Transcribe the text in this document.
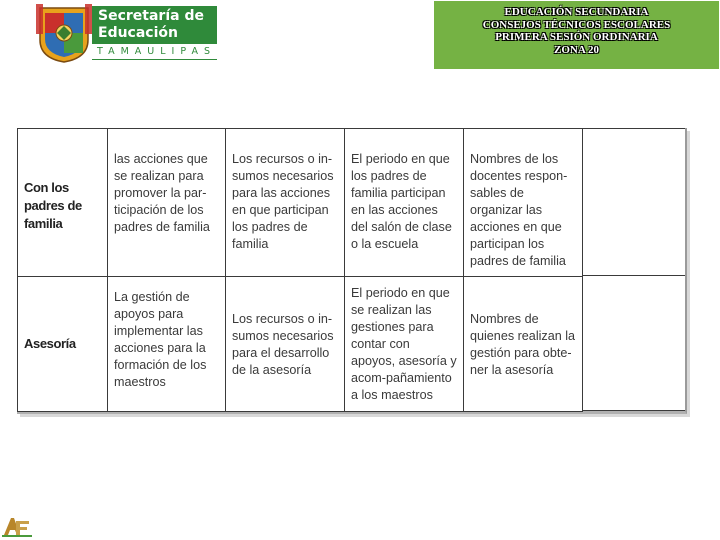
Secretaría de
Educación
TAMAULIPAS
EDUCACIÓN SECUNDARIA
CONSEJOS TÉCNICOS ESCOLARES
PRIMERA SESIÓN ORDINARIA
ZONA 20
Con los padres de familia	las acciones que se realizan para promover la par-ticipación de los padres de familia	Los recursos o in-sumos necesarios para las acciones en que participan los padres de familia	El periodo en que los padres de familia participan en las acciones del salón de clase o la escuela	Nombres de los docentes respon-sables de organizar las acciones en que participan los padres de familia
Asesoría	La gestión de apoyos para implementar las acciones para la formación de los maestros	Los recursos o in-sumos necesarios para el desarrollo de la asesoría	El periodo en que se realizan las gestiones para contar con apoyos, asesoría y acom-pañamiento a los maestros	Nombres de quienes realizan la gestión para obte-ner la asesoría
